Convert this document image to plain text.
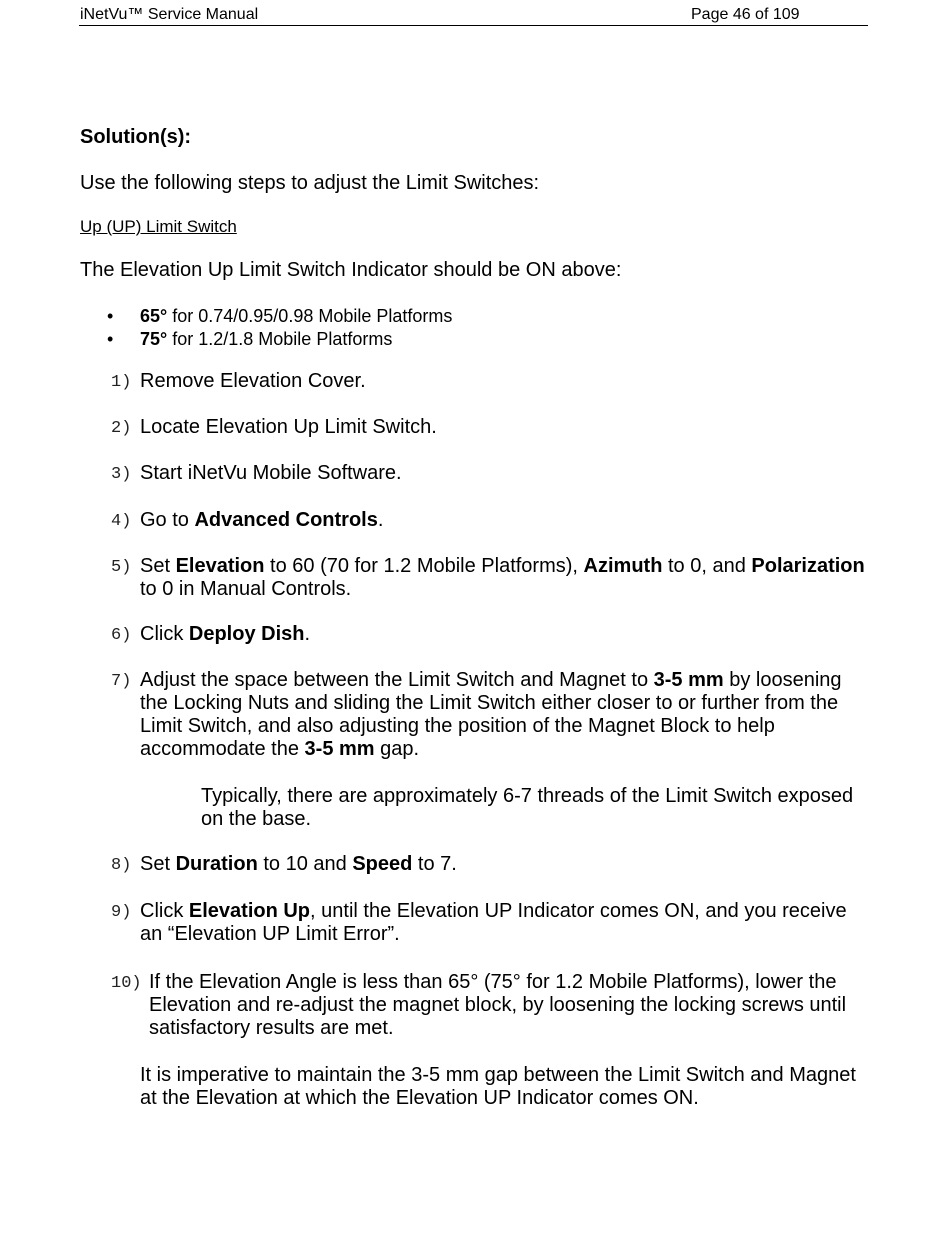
iNetVu™ Service Manual	Page 46 of 109
Solution(s):
Use the following steps to adjust the Limit Switches:
Up (UP) Limit Switch
The Elevation Up Limit Switch Indicator should be ON above:
• 65° for 0.74/0.95/0.98 Mobile Platforms
• 75° for 1.2/1.8 Mobile Platforms
1) Remove Elevation Cover.
2) Locate Elevation Up Limit Switch.
3) Start iNetVu Mobile Software.
4) Go to Advanced Controls.
5) Set Elevation to 60 (70 for 1.2 Mobile Platforms), Azimuth to 0, and Polarization to 0 in Manual Controls.
6) Click Deploy Dish.
7) Adjust the space between the Limit Switch and Magnet to 3-5 mm by loosening the Locking Nuts and sliding the Limit Switch either closer to or further from the Limit Switch, and also adjusting the position of the Magnet Block to help accommodate the 3-5 mm gap.
Typically, there are approximately 6-7 threads of the Limit Switch exposed on the base.
8) Set Duration to 10 and Speed to 7.
9) Click Elevation Up, until the Elevation UP Indicator comes ON, and you receive an “Elevation UP Limit Error”.
10) If the Elevation Angle is less than 65° (75° for 1.2 Mobile Platforms), lower the Elevation and re-adjust the magnet block, by loosening the locking screws until satisfactory results are met.
It is imperative to maintain the 3-5 mm gap between the Limit Switch and Magnet at the Elevation at which the Elevation UP Indicator comes ON.
